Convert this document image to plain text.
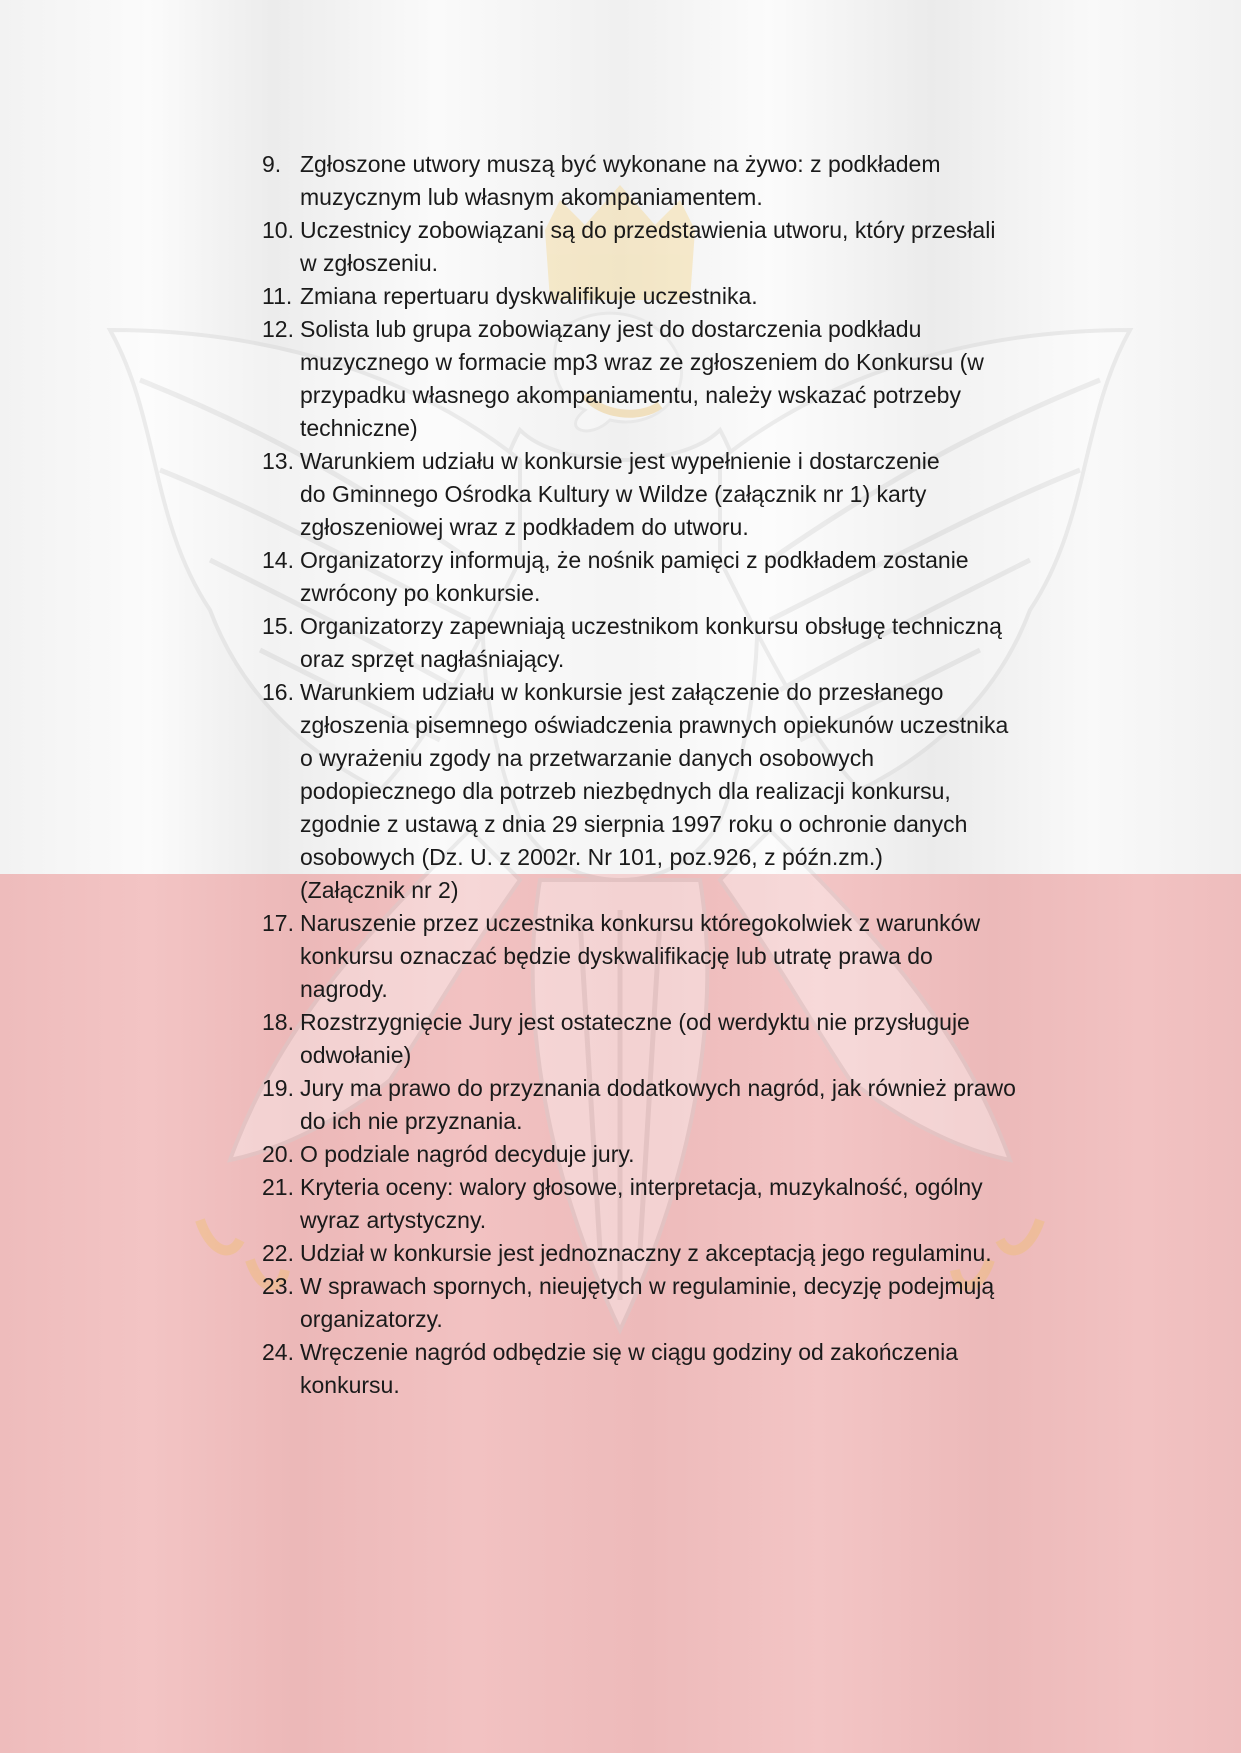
9. Zgłoszone utwory muszą być wykonane na żywo: z podkładem
muzycznym lub własnym akompaniamentem.
10. Uczestnicy zobowiązani są do przedstawienia utworu, który przesłali
w zgłoszeniu.
11. Zmiana repertuaru dyskwalifikuje uczestnika.
12. Solista lub grupa zobowiązany jest do dostarczenia podkładu
muzycznego w formacie mp3 wraz ze zgłoszeniem do Konkursu (w
przypadku własnego akompaniamentu, należy wskazać potrzeby
techniczne)
13. Warunkiem udziału w konkursie jest wypełnienie i dostarczenie
do Gminnego Ośrodka Kultury w Wildze (załącznik nr 1) karty
zgłoszeniowej wraz z podkładem do utworu.
14. Organizatorzy informują, że nośnik pamięci z podkładem zostanie
zwrócony po konkursie.
15. Organizatorzy zapewniają uczestnikom konkursu obsługę techniczną
oraz sprzęt nagłaśniający.
16. Warunkiem udziału w konkursie jest załączenie do przesłanego
zgłoszenia pisemnego oświadczenia prawnych opiekunów uczestnika
o wyrażeniu zgody na przetwarzanie danych osobowych
podopiecznego dla potrzeb niezbędnych dla realizacji konkursu,
zgodnie z ustawą z dnia 29 sierpnia 1997 roku o ochronie danych
osobowych (Dz. U. z 2002r. Nr 101, poz.926, z późn.zm.)
(Załącznik nr 2)
17. Naruszenie przez uczestnika konkursu któregokolwiek z warunków
konkursu oznaczać będzie dyskwalifikację lub utratę prawa do
nagrody.
18. Rozstrzygnięcie Jury jest ostateczne (od werdyktu nie przysługuje
odwołanie)
19. Jury ma prawo do przyznania dodatkowych nagród, jak również prawo
do ich nie przyznania.
20. O podziale nagród decyduje jury.
21. Kryteria oceny: walory głosowe, interpretacja, muzykalność, ogólny
wyraz artystyczny.
22. Udział w konkursie jest jednoznaczny z akceptacją jego regulaminu.
23. W sprawach spornych, nieujętych w regulaminie, decyzję podejmują
organizatorzy.
24. Wręczenie nagród odbędzie się w ciągu godziny od zakończenia
konkursu.
